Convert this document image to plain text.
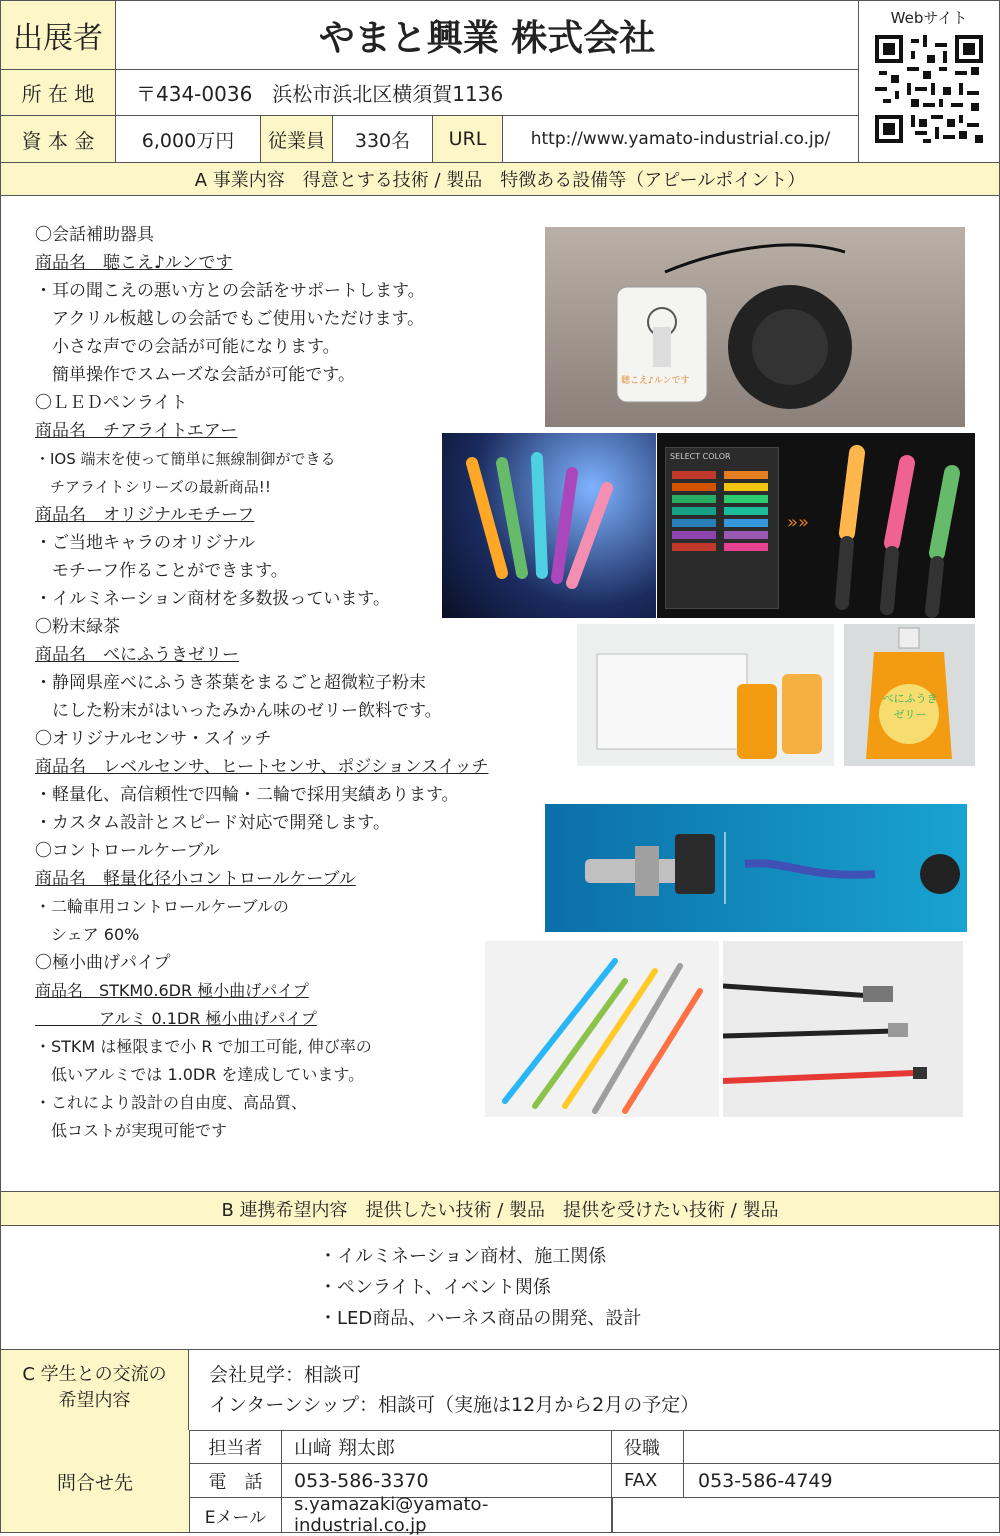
出展者	やまと興業 株式会社
所 在 地	〒434-0036　浜松市浜北区横須賀1136
資 本 金	6,000万円	従業員	330名	URL	http://www.yamato-industrial.co.jp/
Webサイト
A 事業内容　得意とする技術 / 製品　特徴ある設備等（アピールポイント）
〇会話補助器具
商品名　聴こえ♪ルンです
・耳の聞こえの悪い方との会話をサポートします。
　アクリル板越しの会話でもご使用いただけます。
　小さな声での会話が可能になります。
　簡単操作でスムーズな会話が可能です。
〇ＬＥＤペンライト
商品名　チアライトエアー
・IOS 端末を使って簡単に無線制御ができる
　チアライトシリーズの最新商品!!
商品名　オリジナルモチーフ
・ご当地キャラのオリジナル
　モチーフ作ることができます。
・イルミネーション商材を多数扱っています。
〇粉末緑茶
商品名　べにふうきゼリー
・静岡県産べにふうき茶葉をまるごと超微粒子粉末
　にした粉末がはいったみかん味のゼリー飲料です。
〇オリジナルセンサ・スイッチ
商品名　レベルセンサ、ヒートセンサ、ポジションスイッチ
・軽量化、高信頼性で四輪・二輪で採用実績あります。
・カスタム設計とスピード対応で開発します。
〇コントロールケーブル
商品名　軽量化径小コントロールケーブル
・二輪車用コントロールケーブルの
　シェア 60%
〇極小曲げパイプ
商品名　STKM0.6DR 極小曲げパイプ
　　　　アルミ 0.1DR 極小曲げパイプ
・STKM は極限まで小 R で加工可能, 伸び率の
　低いアルミでは 1.0DR を達成しています。
・これにより設計の自由度、高品質、
　低コストが実現可能です
聴こえ♪ルンです
SELECT COLOR
»»
べにふうきゼリー
B 連携希望内容　提供したい技術 / 製品　提供を受けたい技術 / 製品
・イルミネーション商材、施工関係
・ペンライト、イベント関係
・LED商品、ハーネス商品の開発、設計
C 学生との交流の
希望内容
会社見学：相談可
インターンシップ：相談可（実施は12月から2月の予定）
問合せ先
担当者	山﨑 翔太郎	役職
電　話	053-586-3370	FAX	053-586-4749
Eメール
s.yamazaki@yamato-industrial.co.jp
